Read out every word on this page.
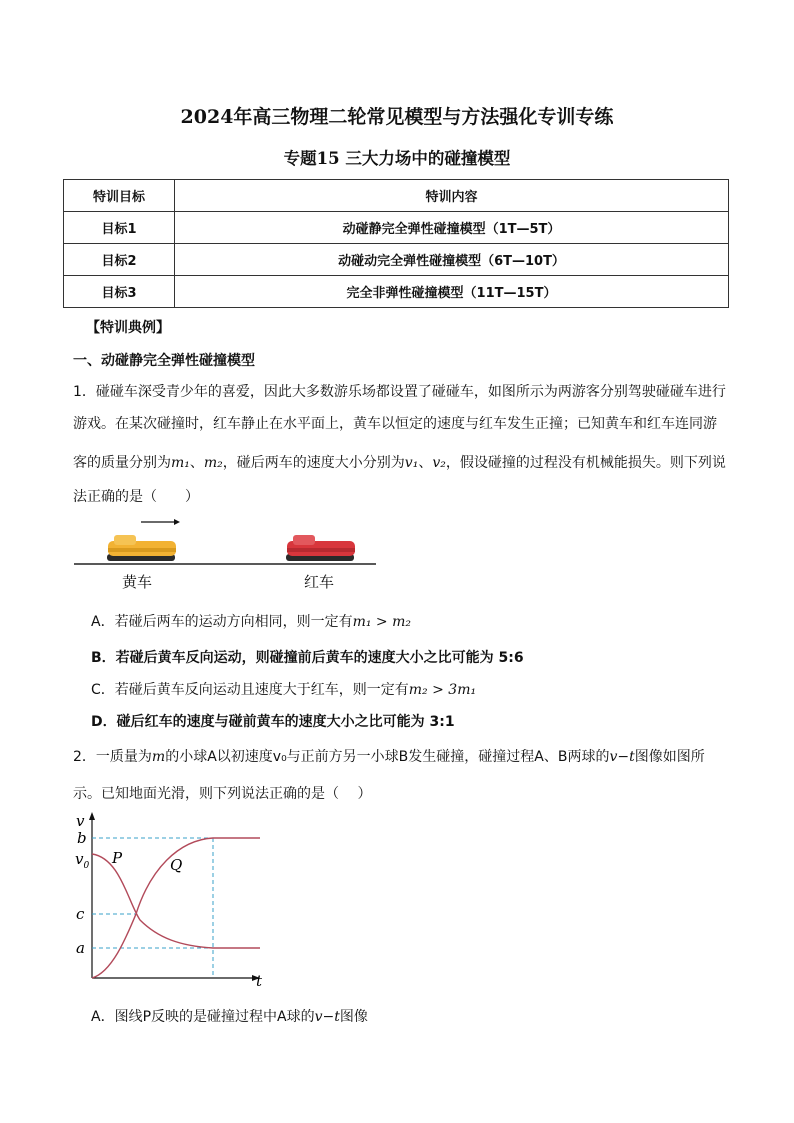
2024年高三物理二轮常见模型与方法强化专训专练
专题15 三大力场中的碰撞模型
特训目标	特训内容
目标1	动碰静完全弹性碰撞模型（1T—5T）
目标2	动碰动完全弹性碰撞模型（6T—10T）
目标3	完全非弹性碰撞模型（11T—15T）
【特训典例】
一、动碰静完全弹性碰撞模型
1．碰碰车深受青少年的喜爱，因此大多数游乐场都设置了碰碰车，如图所示为两游客分别驾驶碰碰车进行
游戏。在某次碰撞时，红车静止在水平面上，黄车以恒定的速度与红车发生正撞；已知黄车和红车连同游
客的质量分别为m₁、m₂，碰后两车的速度大小分别为v₁、v₂，假设碰撞的过程没有机械能损失。则下列说
法正确的是（　　）
黄车	红车
A．若碰后两车的运动方向相同，则一定有m₁ > m₂
B．若碰后黄车反向运动，则碰撞前后黄车的速度大小之比可能为 5:6
C．若碰后黄车反向运动且速度大于红车，则一定有m₂ > 3m₁
D．碰后红车的速度与碰前黄车的速度大小之比可能为 3:1
2．一质量为m的小球A以初速度v₀与正前方另一小球B发生碰撞，碰撞过程A、B两球的v−t图像如图所
示。已知地面光滑，则下列说法正确的是（　 ）
v
t
b
$v_0$
c
a
P	Q
A．图线P反映的是碰撞过程中A球的v−t图像
